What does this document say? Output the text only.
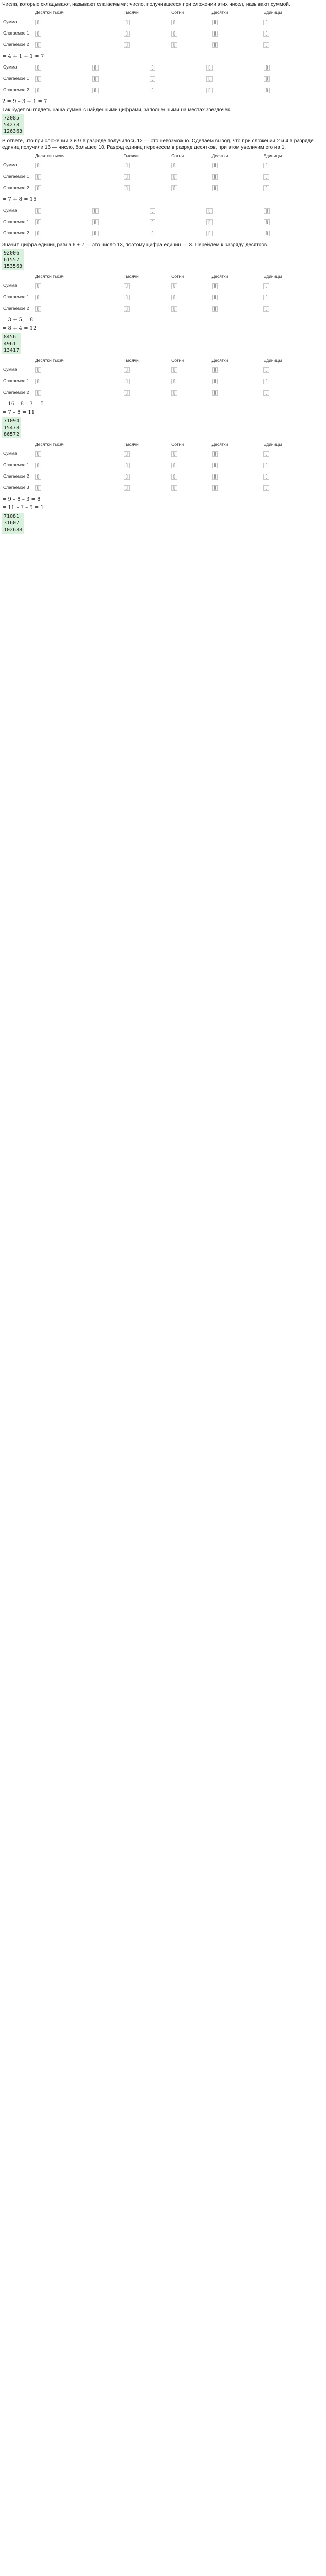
Числа, которые складывают, называют слагаемыми; число, получившееся при сложении этих чисел, называют суммой.
	Десятки тысяч	Тысячи	Сотни	Десятки	Единицы
Сумма	[]	[]	[]	[]	[]
Слагаемое 1	[]	[]	[]	[]	[]
Слагаемое 2	[]	[]	[]	[]	[]
= 4 + 1 + 1 = 7
Сумма	[]	[]	[]	[]	[]
Слагаемое 1	[]	[]	[]	[]	[]
Слагаемое 2	[]	[]	[]	[]	[]
2 = 9 – 3 + 1 = 7
Так будет выглядеть наша сумма с найденными цифрами, заполненными на местах звездочек.
72085
54278
126363
В ответе, что при сложении 3 и 9 в разряде получилось 12 — это невозможно. Сделаем вывод, что при сложении 2 и 4 в разряде единиц получили 16 — число, большее 10. Разряд единиц перенесём в разряд десятков, при этом увеличим его на 1.
	Десятки тысяч	Тысячи	Сотни	Десятки	Единицы
Сумма	[]	[]	[]	[]	[]
Слагаемое 1	[]	[]	[]	[]	[]
Слагаемое 2	[]	[]	[]	[]	[]
= 7 + 8 = 15
Сумма	[]	[]	[]	[]	[]
Слагаемое 1	[]	[]	[]	[]	[]
Слагаемое 2	[]	[]	[]	[]	[]
Значит, цифра единиц равна 6 + 7 — это число 13, поэтому цифра единиц — 3. Перейдём к разряду десятков.
92006
61557
153563
	Десятки тысяч	Тысячи	Сотни	Десятки	Единицы
Сумма	[]	[]	[]	[]	[]
Слагаемое 1	[]	[]	[]	[]	[]
Слагаемое 2	[]	[]	[]	[]	[]
= 3 + 5 = 8
= 8 + 4 = 12
8456
4961
13417
	Десятки тысяч	Тысячи	Сотни	Десятки	Единицы
Сумма	[]	[]	[]	[]	[]
Слагаемое 1	[]	[]	[]	[]	[]
Слагаемое 2	[]	[]	[]	[]	[]
= 16 – 8 – 3 = 5
= 7 – 8 = 11
71094
15478
86572
	Десятки тысяч	Тысячи	Сотни	Десятки	Единицы
Сумма	[]	[]	[]	[]	[]
Слагаемое 1	[]	[]	[]	[]	[]
Слагаемое 2	[]	[]	[]	[]	[]
Слагаемое 3	[]	[]	[]	[]	[]
= 9 – 8 – 3 = 8
= 11 – 7 – 9 = 1
71081
31607
102688
